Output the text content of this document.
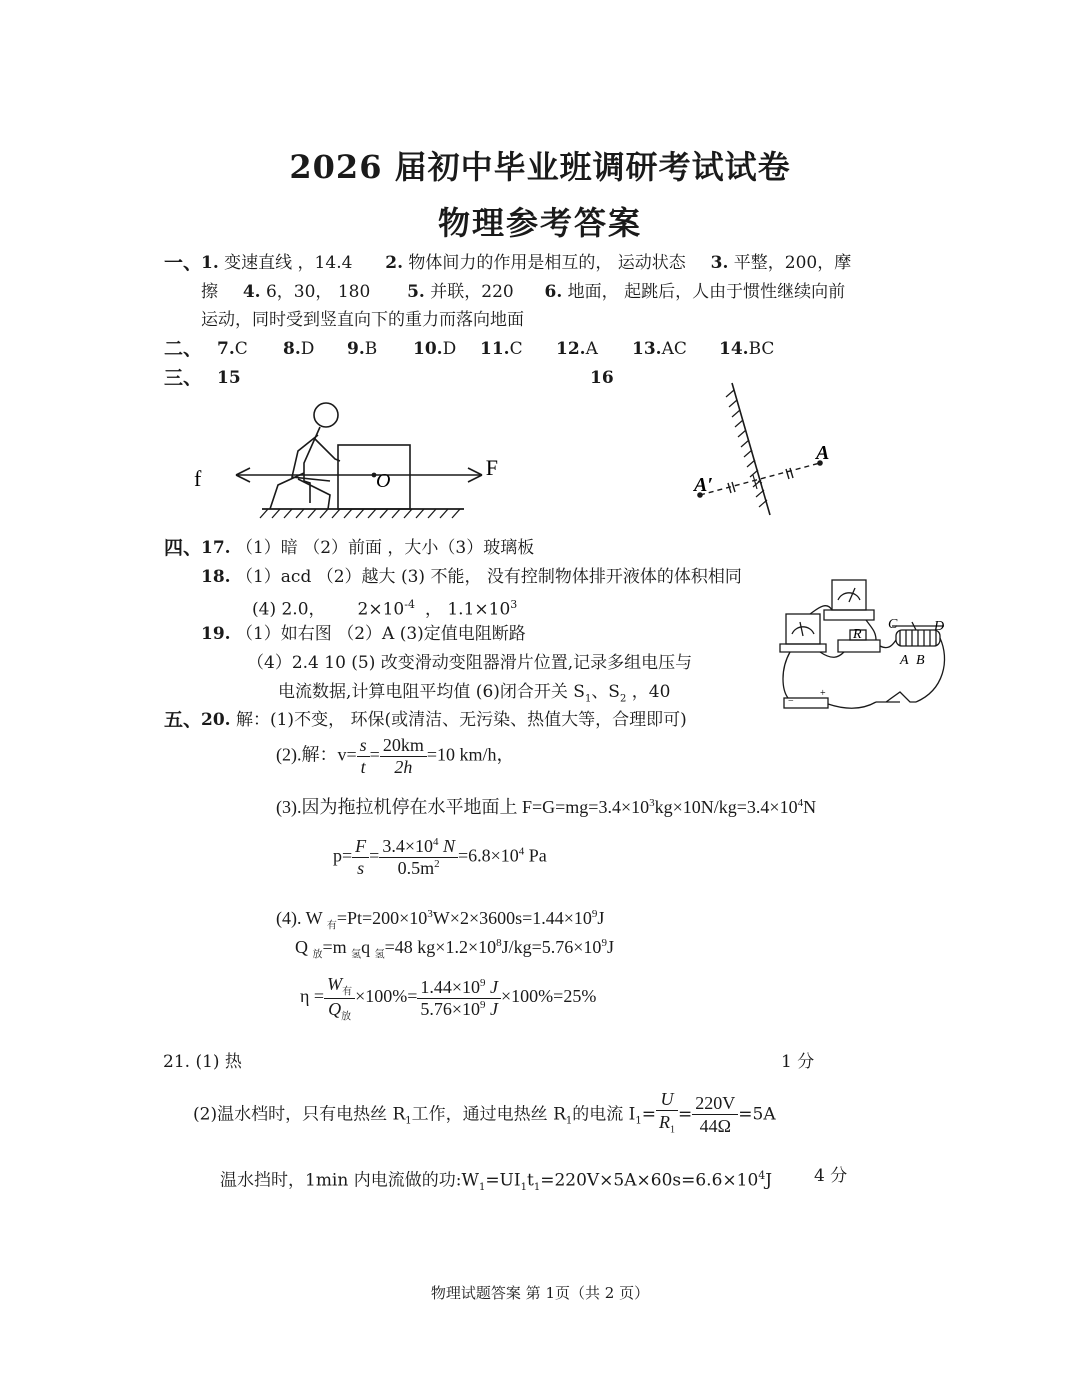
2026 届初中毕业班调研考试试卷
物理参考答案
一、
1. 变速直线 ，14.4 2. 物体间力的作用是相互的， 运动状态 3. 平整，200，摩
擦 4. 6，30， 180 5. 并联，220 6. 地面， 起跳后，人由于惯性继续向前
运动，同时受到竖直向下的重力而落向地面
二、 7.C 8.D 9.B 10.D 11.C 12.A 13.AC 14.BC
三、 15	16
O
f	F
A
A′
四、
17. （1）暗 （2）前面 ，大小（3）玻璃板
18. （1）acd （2）越大 (3) 不能， 没有控制物体排开液体的体积相同
(4) 2.0， $2\times 10^{-4}$ ， $1.1\times 10^3$
19. （1）如右图 （2）A (3)定值电阻断路
（4）2.4 10 (5) 改变滑动变阻器滑片位置,记录多组电压与
电流数据,计算电阻平均值 (6)闭合开关 $S_1$、$S_2$ ，40	−
+
R
C	D
A B
五、
20. 解：(1)不变， 环保(或清洁、无污染、热值大等，合理即可)
(2).解：$v= \frac{s}{t} = \frac{20km}{2h} =10$ km/h，
(3).因为拖拉机停在水平地面上 $F=G=mg=3.4\times 10^3kg\times 10N/kg=3.4\times 10^4N$
$p= \frac{F}{s} = \frac{3.4\times 10^4 N}{0.5m^2} =6.8\times 10^4$ Pa
(4). W $_有=Pt=200\times 10^3W\times 2\times 3600s=1.44\times 10^9J$
Q $_放$=m $_氢$q $_氢$=48 $kg\times 1.2\times 10^8J/kg=5.76\times 10^9J$
$\eta = \frac{W_有}{Q_放} \times 100\%= \frac{1.44\times 10^9 J}{5.76\times 10^9 J} \times 100\%=25\%$
21. (1) 热	1 分
(2)温水档时，只有电热丝 $R_1$工作，通过电热丝 $R_1$的电流 $I_1= \frac{U}{R_1} = \frac{220V}{44\Omega} =5A$
温水挡时，1min 内电流做的功$:W_1=UI_1t_1=220V\times 5A\times 60s=6.6\times 10^4J$ 4 分
物理试题答案 第 1页（共 2 页）
